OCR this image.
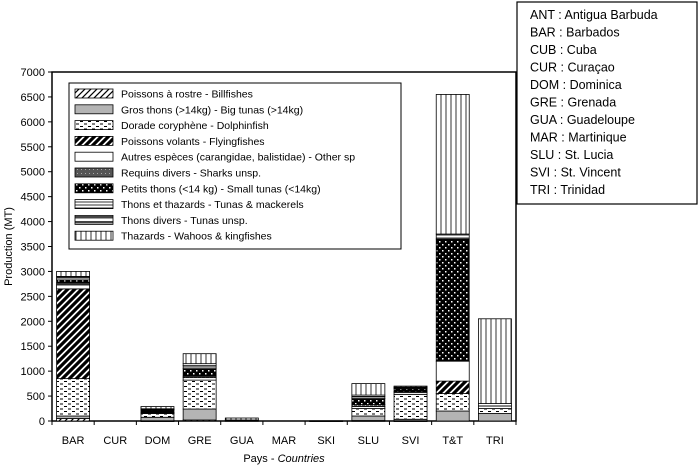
0
500
1000
1500
2000
2500
3000
3500
4000
4500
5000
5500
6000
6500
7000
BAR CUR DOM GRE GUA MAR SKI SLU SVI T&T TRI
Pays - Countries
Production (MT)
Poissons à rostre - Billfishes
Gros thons (>14kg) - Big tunas (>14kg)
Dorade coryphène - Dolphinfish
Poissons volants - Flyingfishes
Autres espèces (carangidae, balistidae) - Other sp
Requins divers - Sharks unsp.
Petits thons (<14 kg) - Small tunas (<14kg)
Thons et thazards - Tunas & mackerels
Thons divers - Tunas unsp.
Thazards - Wahoos & kingfishes
ANT : Antigua Barbuda
BAR : Barbados
CUB : Cuba
CUR : Curaçao
DOM : Dominica
GRE : Grenada
GUA : Guadeloupe
MAR : Martinique
SLU : St. Lucia
SVI : St. Vincent
TRI : Trinidad
